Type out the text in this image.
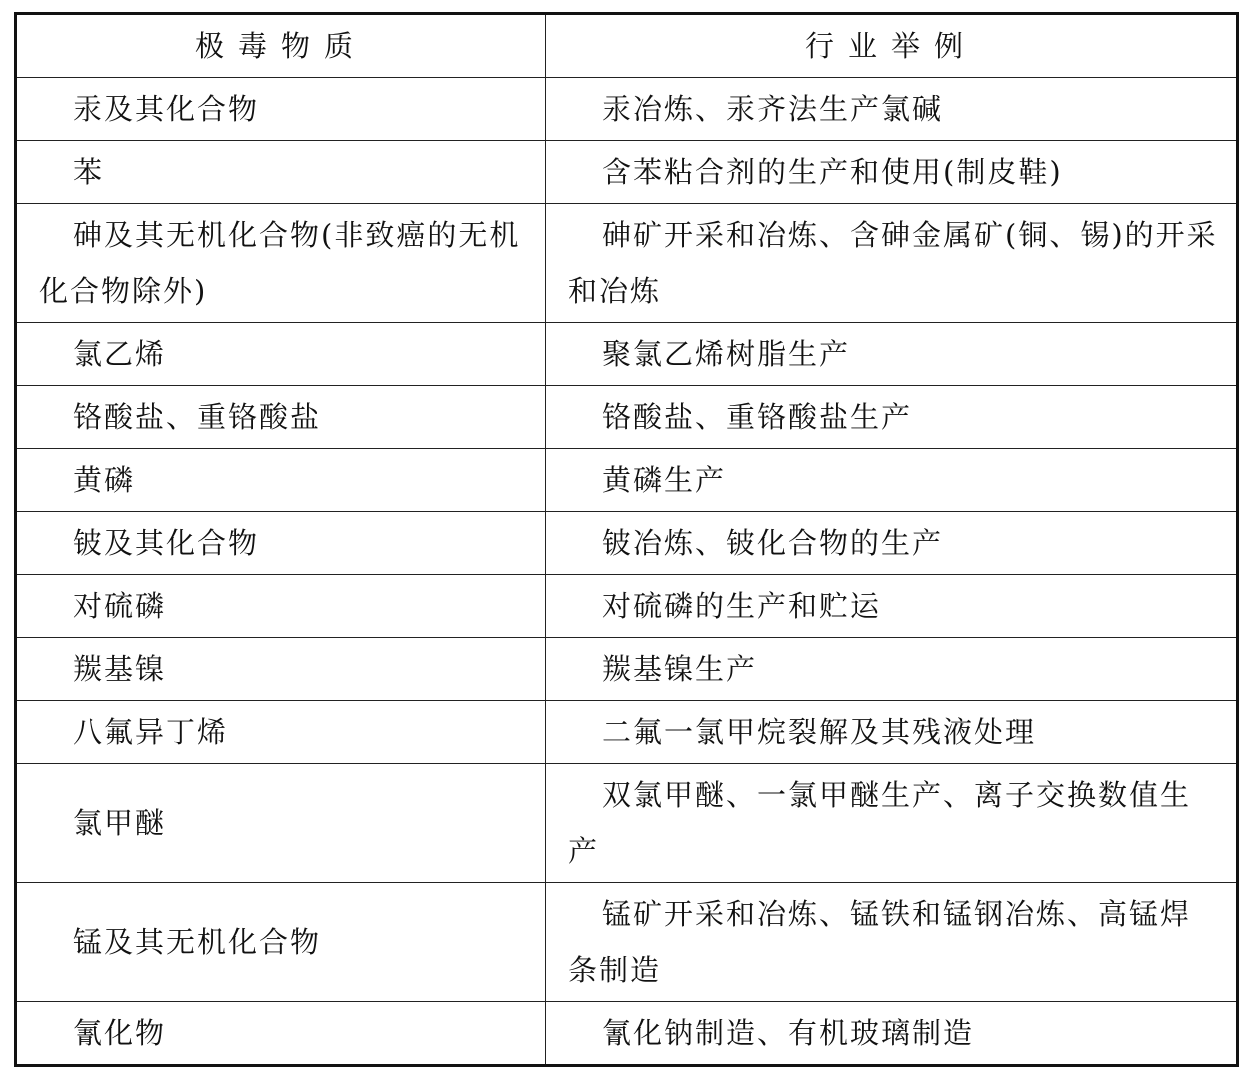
极毒物质	行业举例
汞及其化合物	汞冶炼、汞齐法生产氯碱
苯	含苯粘合剂的生产和使用(制皮鞋)
砷及其无机化合物(非致癌的无机化合物除外)	砷矿开采和冶炼、含砷金属矿(铜、锡)的开采和冶炼
氯乙烯	聚氯乙烯树脂生产
铬酸盐、重铬酸盐	铬酸盐、重铬酸盐生产
黄磷	黄磷生产
铍及其化合物	铍冶炼、铍化合物的生产
对硫磷	对硫磷的生产和贮运
羰基镍	羰基镍生产
八氟异丁烯	二氟一氯甲烷裂解及其残液处理
氯甲醚	双氯甲醚、一氯甲醚生产、离子交换数值生产
锰及其无机化合物	锰矿开采和冶炼、锰铁和锰钢冶炼、高锰焊条制造
氰化物	氰化钠制造、有机玻璃制造
